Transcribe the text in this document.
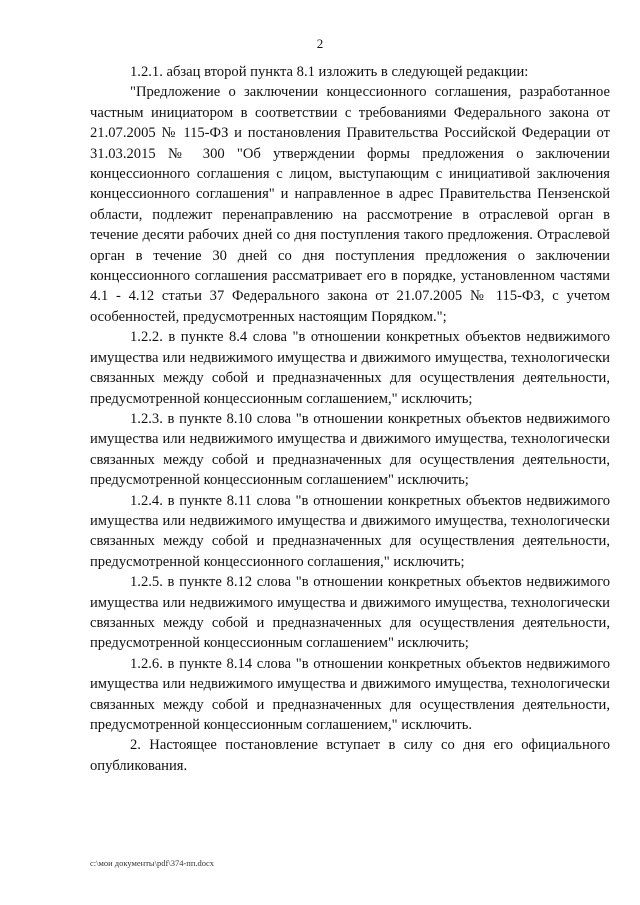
2

1.2.1. абзац второй пункта 8.1 изложить в следующей редакции:

"Предложение о заключении концессионного соглашения, разработанное частным инициатором в соответствии с требованиями Федерального закона от 21.07.2005 № 115-ФЗ и постановления Правительства Российской Федерации от 31.03.2015 № 300 "Об утверждении формы предложения о заключении концессионного соглашения с лицом, выступающим с инициативой заключения концессионного соглашения" и направленное в адрес Правительства Пензенской области, подлежит перенаправлению на рассмотрение в отраслевой орган в течение десяти рабочих дней со дня поступления такого предложения. Отраслевой орган в течение 30 дней со дня поступления предложения о заключении концессионного соглашения рассматривает его в порядке, установленном частями 4.1 - 4.12 статьи 37 Федерального закона от 21.07.2005 № 115-ФЗ, с учетом особенностей, предусмотренных настоящим Порядком.";

1.2.2. в пункте 8.4 слова "в отношении конкретных объектов недвижимого имущества или недвижимого имущества и движимого имущества, технологически связанных между собой и предназначенных для осуществления деятельности, предусмотренной концессионным соглашением," исключить;

1.2.3. в пункте 8.10 слова "в отношении конкретных объектов недвижимого имущества или недвижимого имущества и движимого имущества, технологически связанных между собой и предназначенных для осуществления деятельности, предусмотренной концессионным соглашением" исключить;

1.2.4. в пункте 8.11 слова "в отношении конкретных объектов недвижимого имущества или недвижимого имущества и движимого имущества, технологически связанных между собой и предназначенных для осуществления деятельности, предусмотренной концессионного соглашения," исключить;

1.2.5. в пункте 8.12 слова "в отношении конкретных объектов недвижимого имущества или недвижимого имущества и движимого имущества, технологически связанных между собой и предназначенных для осуществления деятельности, предусмотренной концессионным соглашением" исключить;

1.2.6. в пункте 8.14 слова "в отношении конкретных объектов недвижимого имущества или недвижимого имущества и движимого имущества, технологически связанных между собой и предназначенных для осуществления деятельности, предусмотренной концессионным соглашением," исключить.

2. Настоящее постановление вступает в силу со дня его официального опубликования.

c:\мои документы\pdf\374-пп.docx
